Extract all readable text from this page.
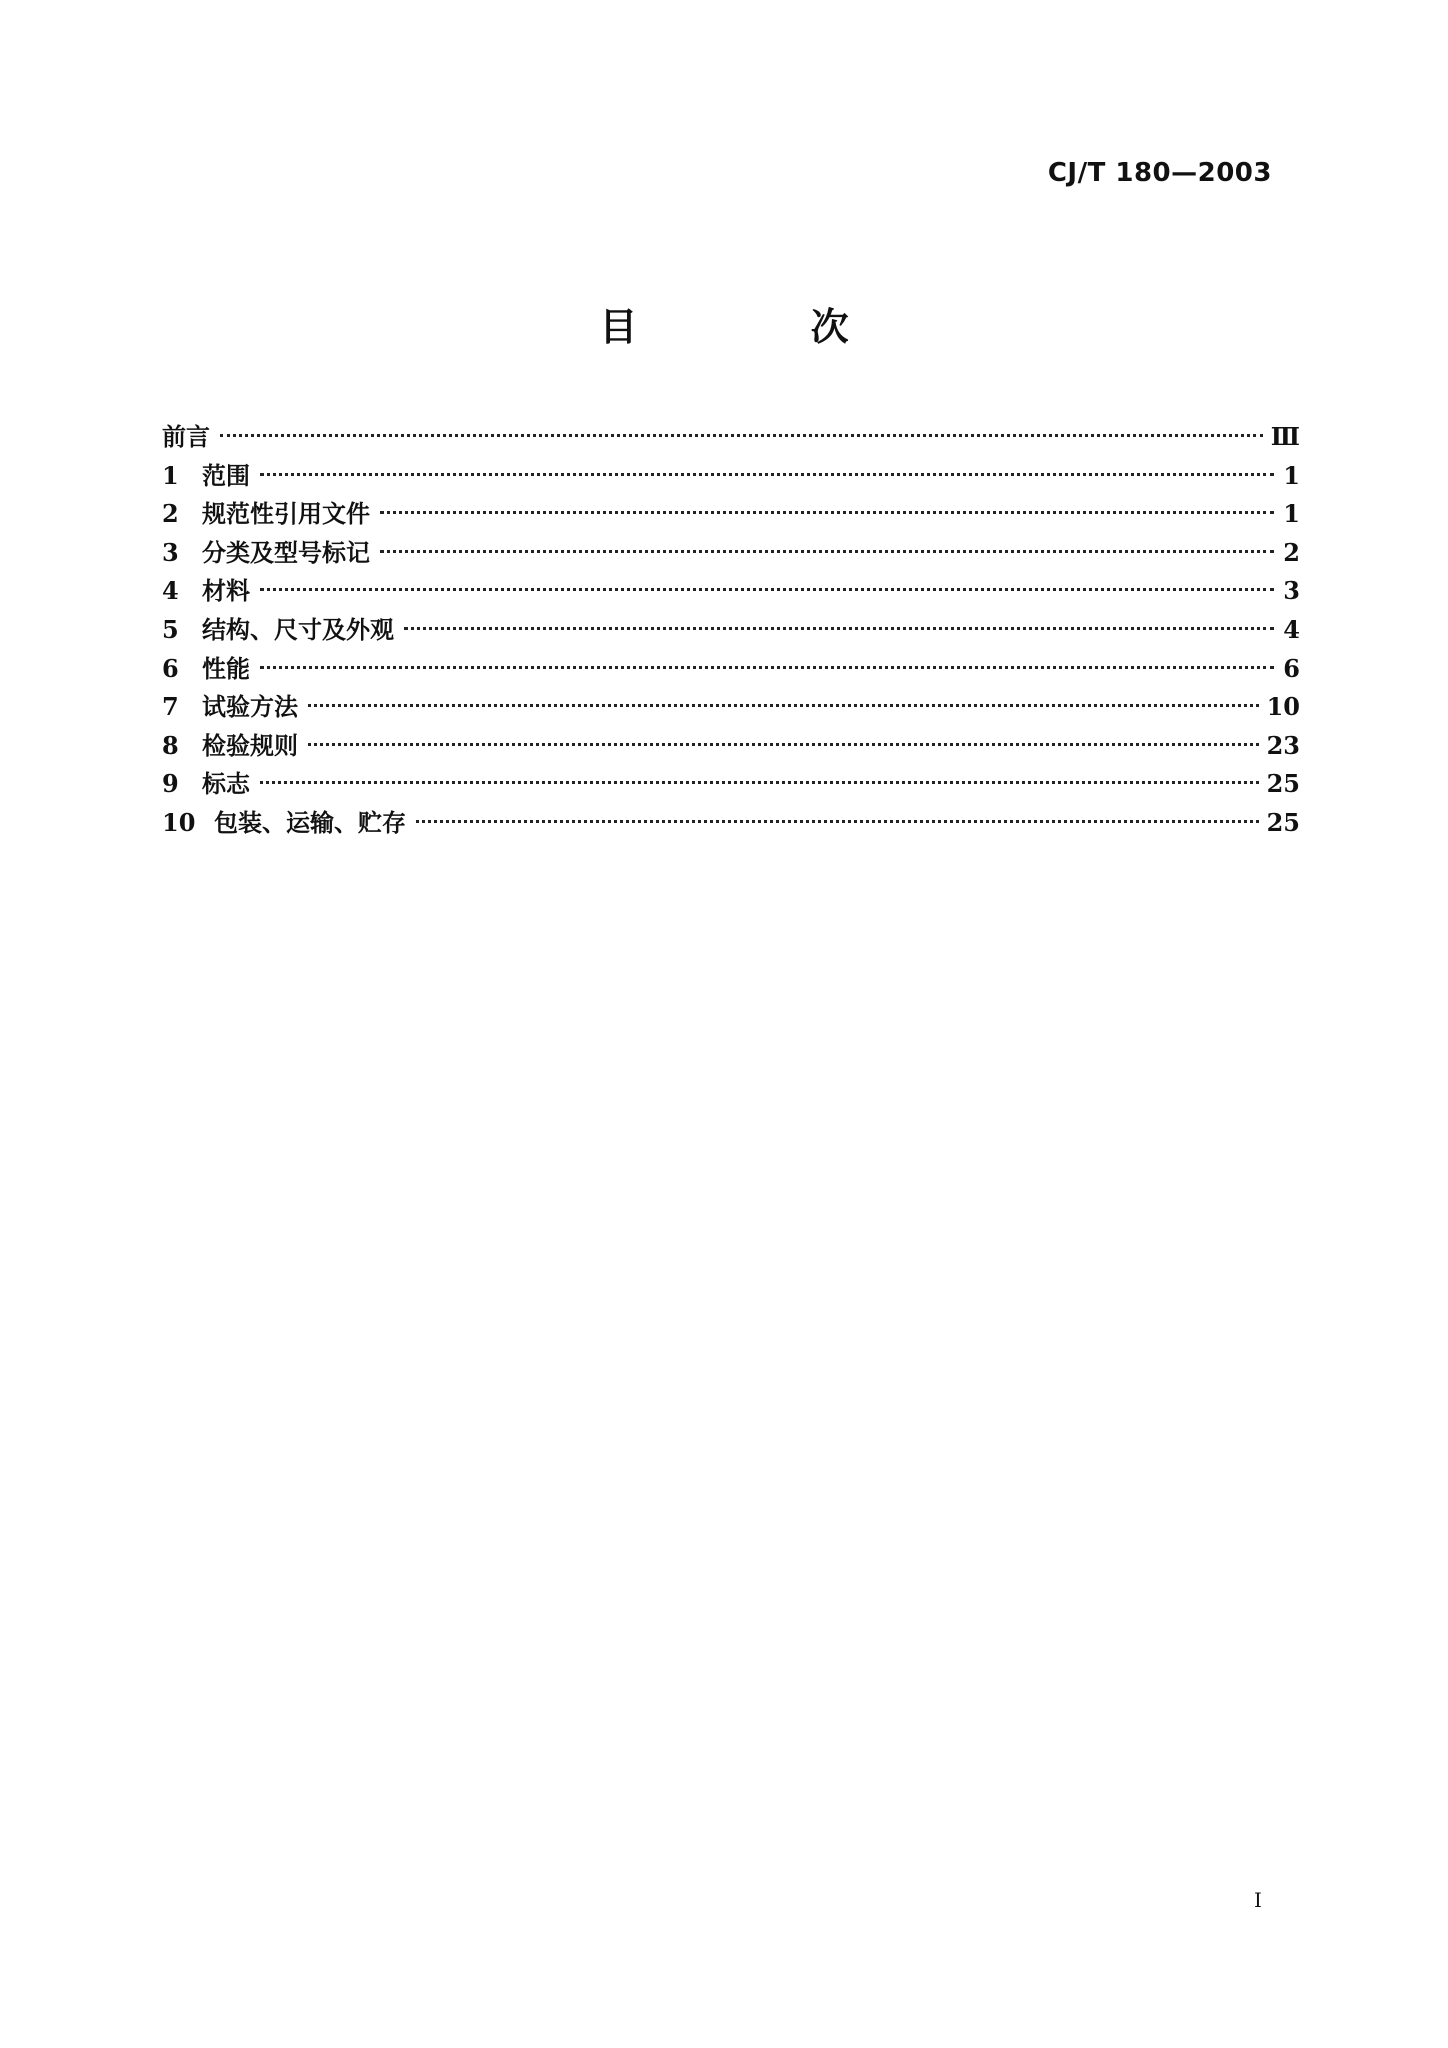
CJ/T 180—2003
目 次
前言	Ⅲ
1 范围	1
2 规范性引用文件	1
3 分类及型号标记	2
4 材料	3
5 结构、尺寸及外观	4
6 性能	6
7 试验方法	10
8 检验规则	23
9 标志	25
10 包装、运输、贮存	25
I
